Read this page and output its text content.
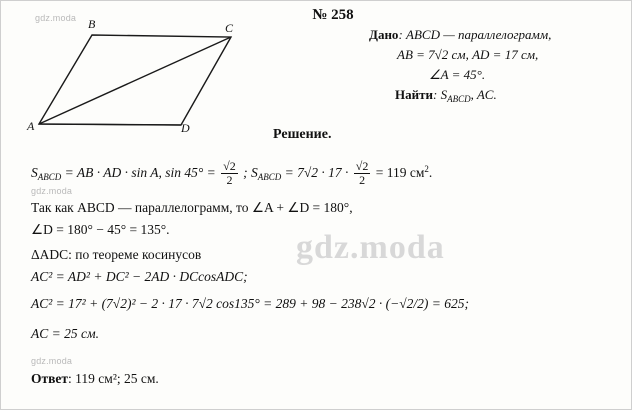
gdz.moda
gdz.moda
gdz.moda
gdz.moda
№ 258
B	C
A	D
Дано: ABCD — параллелограмм,
AB = 7√2 см, AD = 17 см,
∠A = 45°.
Найти: $S_{ABCD}$, AC.
Решение.
$S_{ABCD}$ = AB · AD · sin A, $\sin 45^\circ = \frac{√2}{2}$ ; $S_{ABCD} = 7√2 \cdot 17 \cdot \frac{√2}{2} = 119$ $см^2$.
Так как ABCD — параллелограмм, то ∠A + ∠D = 180°,
∠D = 180° − 45° = 135°.
ΔADC: по теореме косинусов
AC² = AD² + DC² − 2AD · DCcosADC;
AC² = 17² + (7√2)² − 2 · 17 · 7√2 cos135° = 289 + 98 − 238√2 · (−√2/2) = 625;
AC = 25 см.
Ответ: 119 см²; 25 см.
